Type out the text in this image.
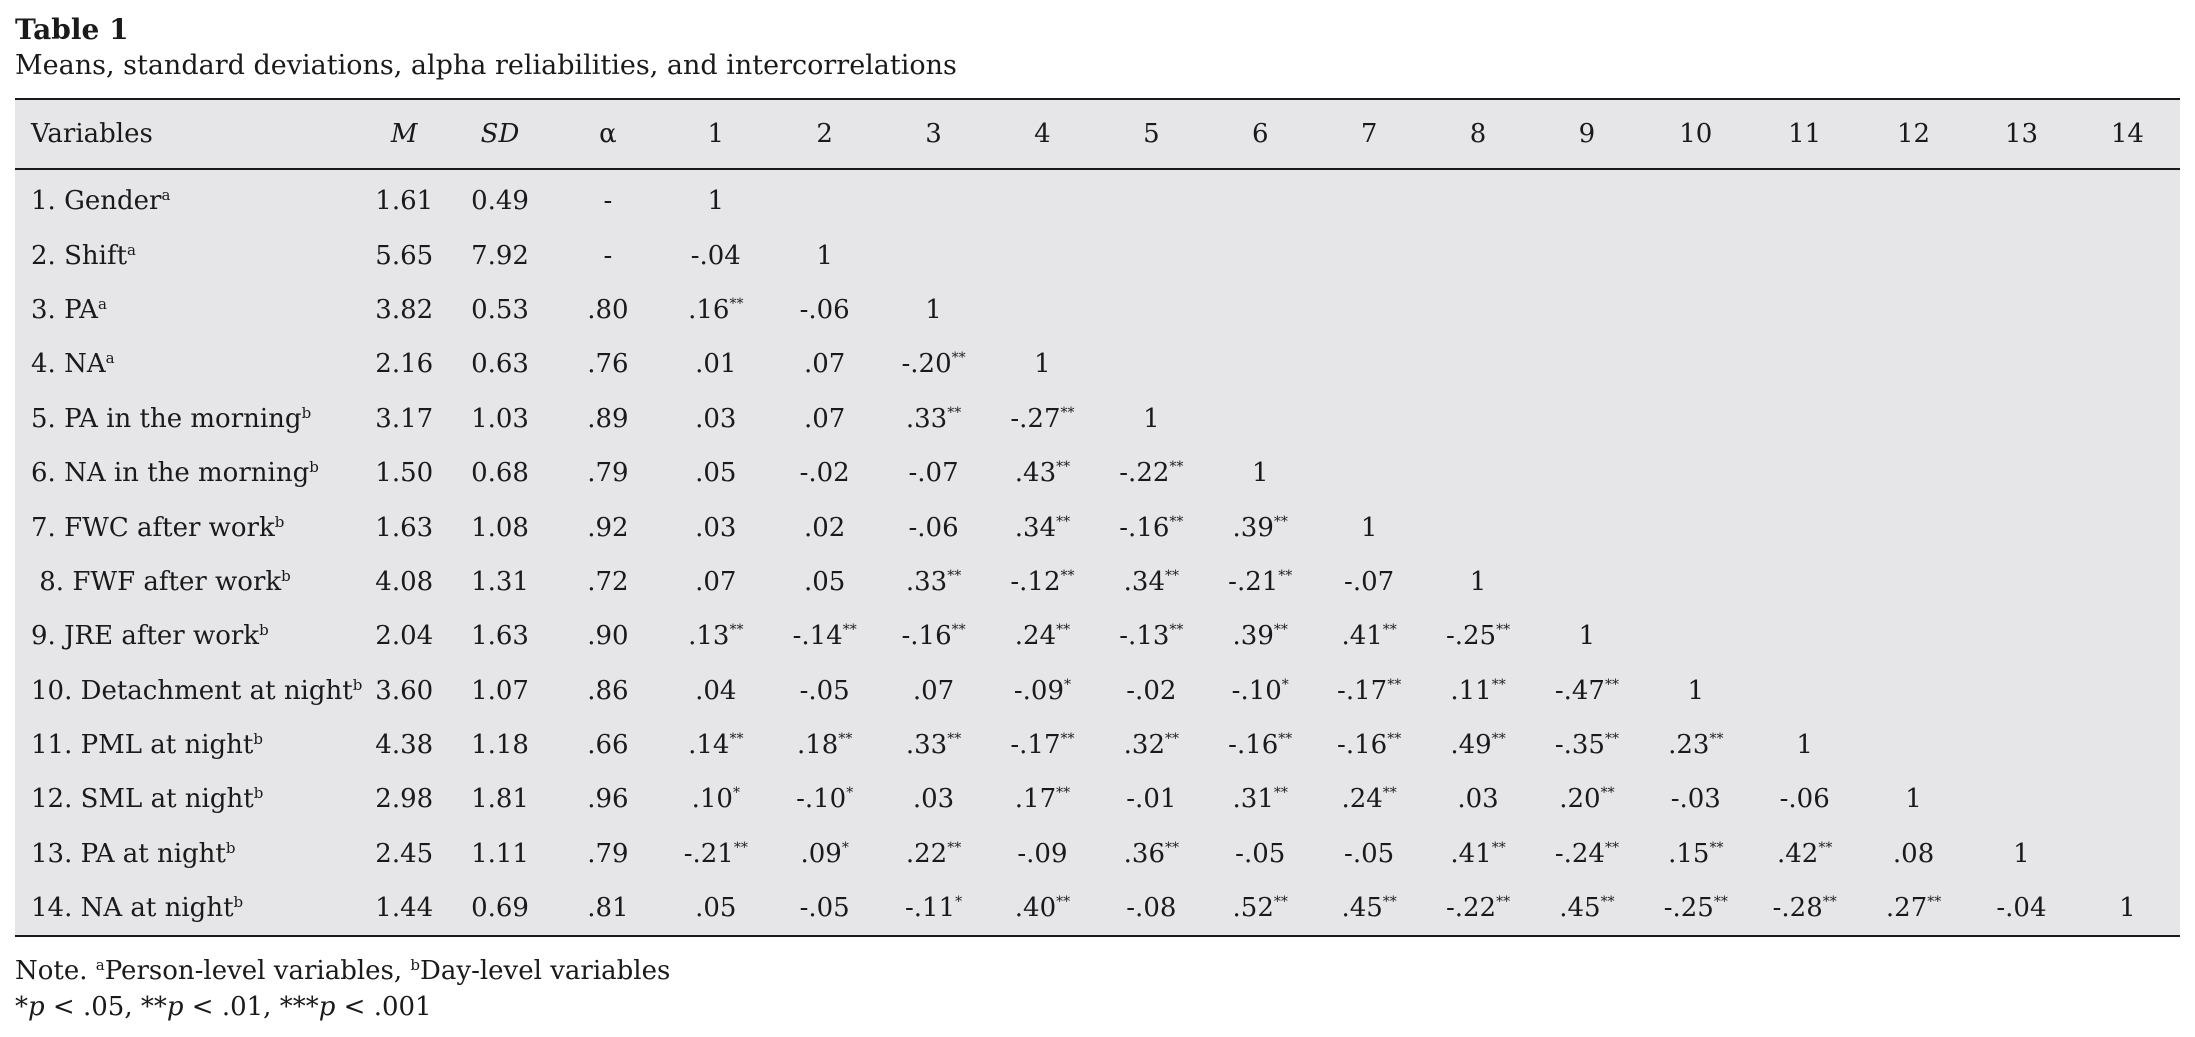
Table 1

Means, standard deviations, alpha reliabilities, and intercorrelations

Variables	M	SD	α	1	2	3	4	5	6	7	8	9	10	11	12	13	14
1. Gender$^a$	1.61	0.49	-	1													
2. Shift$^a$	5.65	7.92	-	-.04	1												
3. $PA^a$	3.82	0.53	.80	.16**	-.06	1											
4. $NA^a$	2.16	0.63	.76	.01	.07	-.20**	1										
5. PA in the morning$^b$	3.17	1.03	.89	.03	.07	.33**	-.27**	1									
6. NA in the morning$^b$	1.50	0.68	.79	.05	-.02	-.07	.43**	-.22**	1								
7. FWC after work$^b$	1.63	1.08	.92	.03	.02	-.06	.34**	-.16**	.39**	1							
8. FWF after work$^b$	4.08	1.31	.72	.07	.05	.33**	-.12**	.34**	-.21**	-.07	1						
9. JRE after work$^b$	2.04	1.63	.90	.13**	-.14**	-.16**	.24**	-.13**	.39**	.41**	-.25**	1					
10. Detachment at night$^b$	3.60	1.07	.86	.04	-.05	.07	-.09*	-.02	-.10*	-.17**	.11**	-.47**	1				
11. PML at night$^b$	4.38	1.18	.66	.14**	.18**	.33**	-.17**	.32**	-.16**	-.16**	.49**	-.35**	.23**	1			
12. SML at night$^b$	2.98	1.81	.96	.10*	-.10*	.03	.17**	-.01	.31**	.24**	.03	.20**	-.03	-.06	1		
13. PA at night$^b$	2.45	1.11	.79	-.21**	.09*	.22**	-.09	.36**	-.05	-.05	.41**	-.24**	.15**	.42**	.08	1	
14. NA at night$^b$	1.44	0.69	.81	.05	-.05	-.11*	.40**	-.08	.52**	.45**	-.22**	.45**	-.25**	-.28**	.27**	-.04	1
Note. $^a$Person-level variables, $^b$Day-level variables
*p < .05, **p < .01, ***p < .001
